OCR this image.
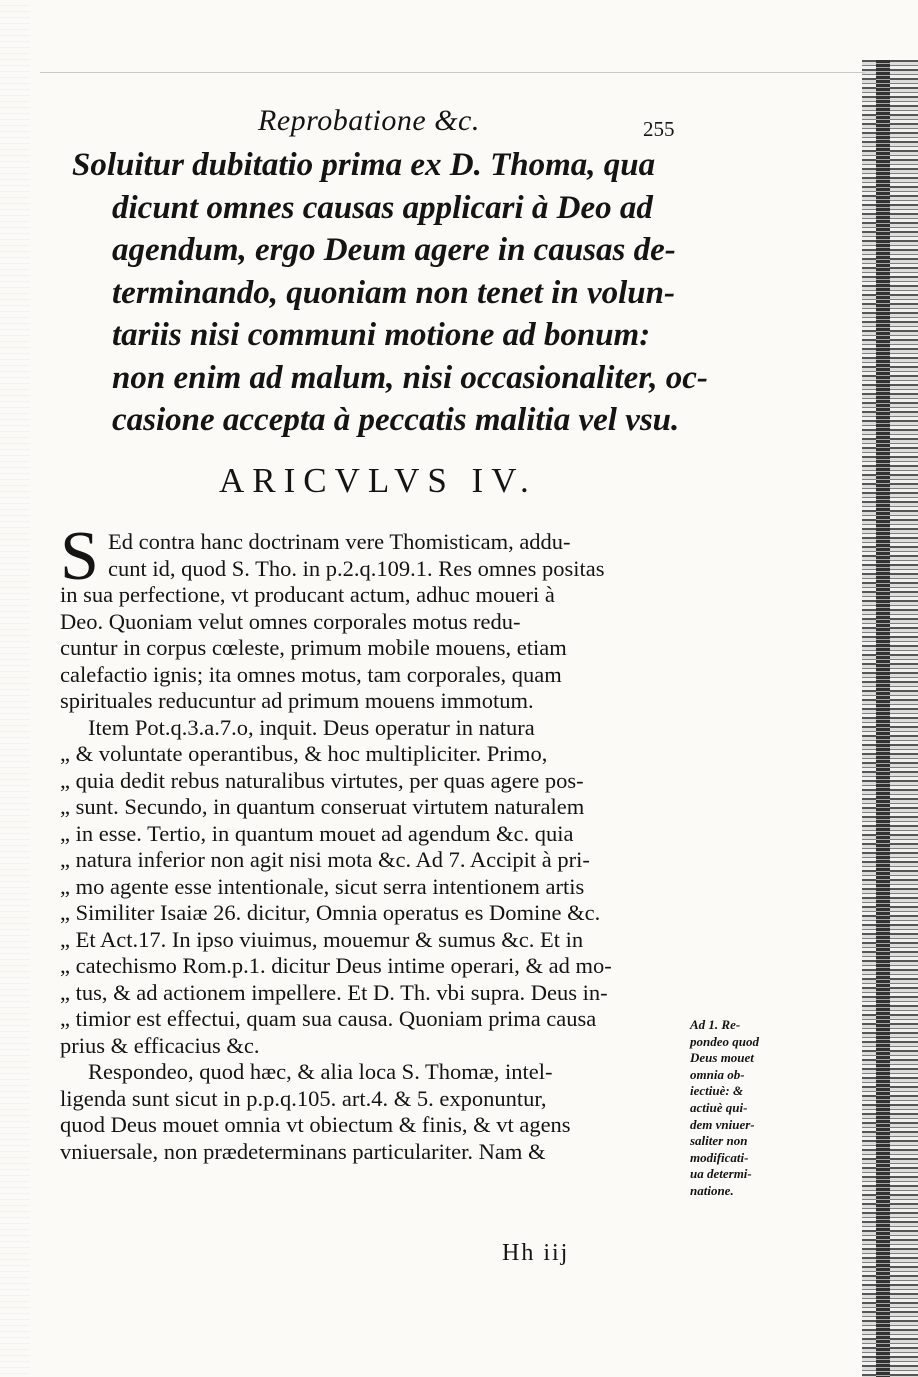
Reprobatione &c.	255
Soluitur dubitatio prima ex D. Thoma, qua
dicunt omnes causas applicari à Deo ad
agendum, ergo Deum agere in causas de-
terminando, quoniam non tenet in volun-
tariis nisi communi motione ad bonum:
non enim ad malum, nisi occasionaliter, oc-
casione accepta à peccatis malitia vel vsu.
ARICVLVS IV.
S Ed contra hanc doctrinam vere Thomisticam, addu-
cunt id, quod S. Tho. in p.2.q.109.1. Res omnes positas
in sua perfectione, vt producant actum, adhuc moueri à
Deo. Quoniam velut omnes corporales motus redu-
cuntur in corpus cœleste, primum mobile mouens, etiam
calefactio ignis; ita omnes motus, tam corporales, quam
spirituales reducuntur ad primum mouens immotum.
Item Pot.q.3.a.7.o, inquit. Deus operatur in natura
„ & voluntate operantibus, & hoc multipliciter. Primo,
„ quia dedit rebus naturalibus virtutes, per quas agere pos-
„ sunt. Secundo, in quantum conseruat virtutem naturalem
„ in esse. Tertio, in quantum mouet ad agendum &c. quia
„ natura inferior non agit nisi mota &c. Ad 7. Accipit à pri-
„ mo agente esse intentionale, sicut serra intentionem artis
„ Similiter Isaiæ 26. dicitur, Omnia operatus es Domine &c.
„ Et Act.17. In ipso viuimus, mouemur & sumus &c. Et in
„ catechismo Rom.p.1. dicitur Deus intime operari, & ad mo-
„ tus, & ad actionem impellere. Et D. Th. vbi supra. Deus in-
„ timior est effectui, quam sua causa. Quoniam prima causa
prius & efficacius &c.
Respondeo, quod hæc, & alia loca S. Thomæ, intel-
ligenda sunt sicut in p.p.q.105. art.4. & 5. exponuntur,
quod Deus mouet omnia vt obiectum & finis, & vt agens
vniuersale, non prædeterminans particulariter. Nam &
Hh iij
Ad 1. Re-
pondeo quod
Deus mouet
omnia ob-
iectiuè: &
actiuè qui-
dem vniuer-
saliter non
modificati-
ua determi-
natione.
